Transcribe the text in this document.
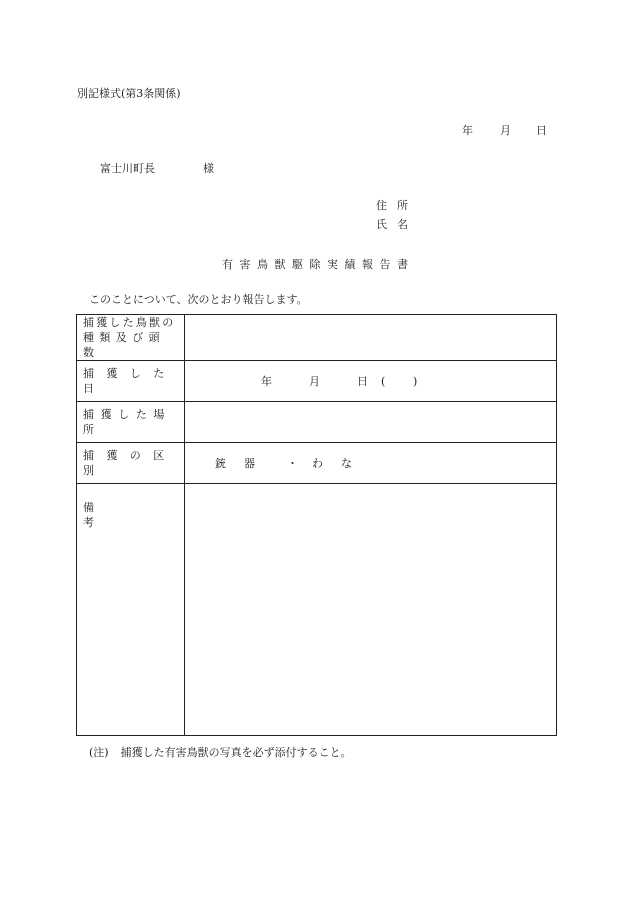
別記様式(第3条関係)
年 月 日
富士川町長	様
住所
氏名
有害鳥獣駆除実績報告書
このことについて、次のとおり報告します。
捕獲した鳥獣の
種類及び頭数	

捕獲した日	年 月 日 ( )

捕獲した場所	

捕獲の区別	銃器 ・ わな

備考	

(注) 捕獲した有害鳥獣の写真を必ず添付すること。
